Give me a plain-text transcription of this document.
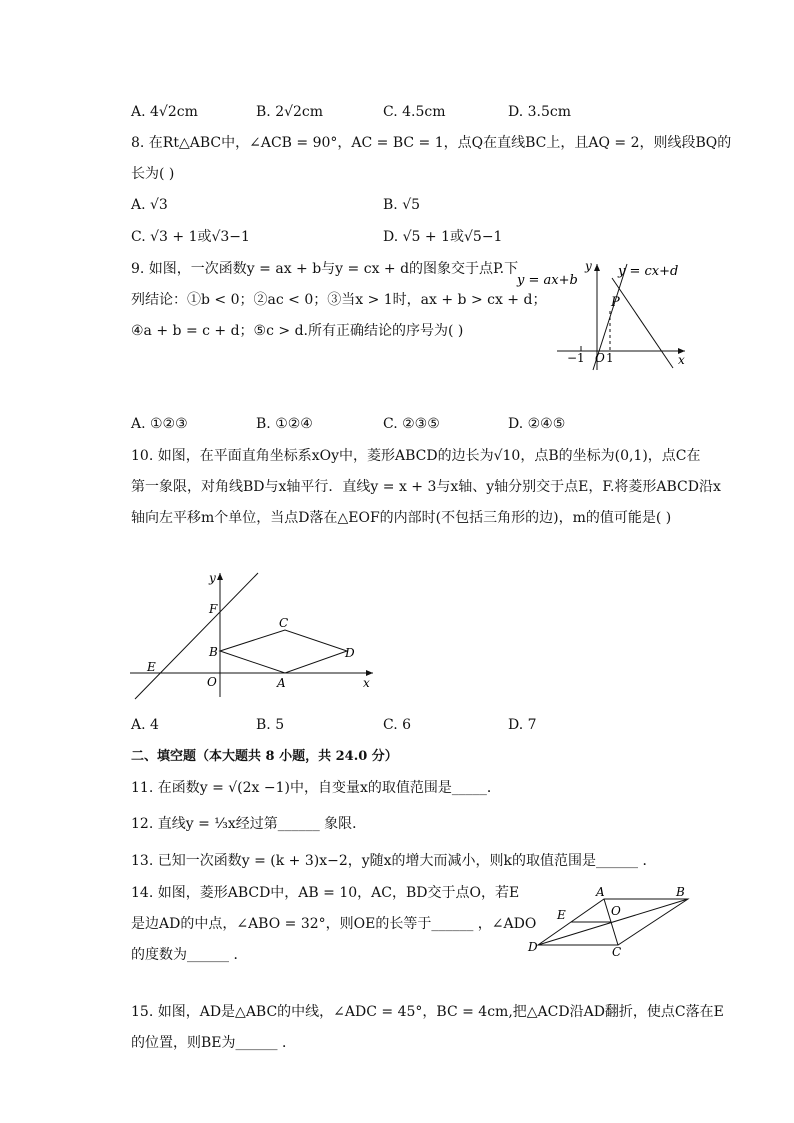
A. 4√2cm	B. 2√2cm	C. 4.5cm	D. 3.5cm
8. 在Rt△ABC中，∠ACB = 90°，AC = BC = 1，点Q在直线BC上，且AQ = 2，则线段BQ的
长为( )
A. √3	B. √5
C. √3 + 1或√3−1	D. √5 + 1或√5−1
9. 如图，一次函数y = ax + b与y = cx + d的图象交于点P.下
列结论：①b < 0；②ac < 0；③当x > 1时，ax + b > cx + d；
④a + b = c + d；⑤c > d.所有正确结论的序号为( )
y = ax+b
y = cx+d
y
x
P
O
−1 1
A. ①②③	B. ①②④	C. ②③⑤	D. ②④⑤
10. 如图，在平面直角坐标系xOy中，菱形ABCD的边长为√10，点B的坐标为(0,1)，点C在
第一象限，对角线BD与x轴平行．直线y = x + 3与x轴、y轴分别交于点E，F.将菱形ABCD沿x
轴向左平移m个单位，当点D落在△EOF的内部时(不包括三角形的边)，m的值可能是( )
y
x
F
C
B	D
E
O	A
A. 4	B. 5	C. 6	D. 7
二、填空题（本大题共 8 小题，共 24.0 分）
11. 在函数y = √(2x −1)中，自变量x的取值范围是_____．
12. 直线y = ⅓x经过第______ 象限．
13. 已知一次函数y = (k + 3)x−2，y随x的增大而减小，则k的取值范围是______ ．
14. 如图，菱形ABCD中，AB = 10，AC，BD交于点O，若E
是边AD的中点，∠ABO = 32°，则OE的长等于______ ，∠ADO
的度数为______ ．
A	B
E	O
D	C
15. 如图，AD是△ABC的中线，∠ADC = 45°，BC = 4cm,把△ACD沿AD翻折，使点C落在E
的位置，则BE为______ ．
